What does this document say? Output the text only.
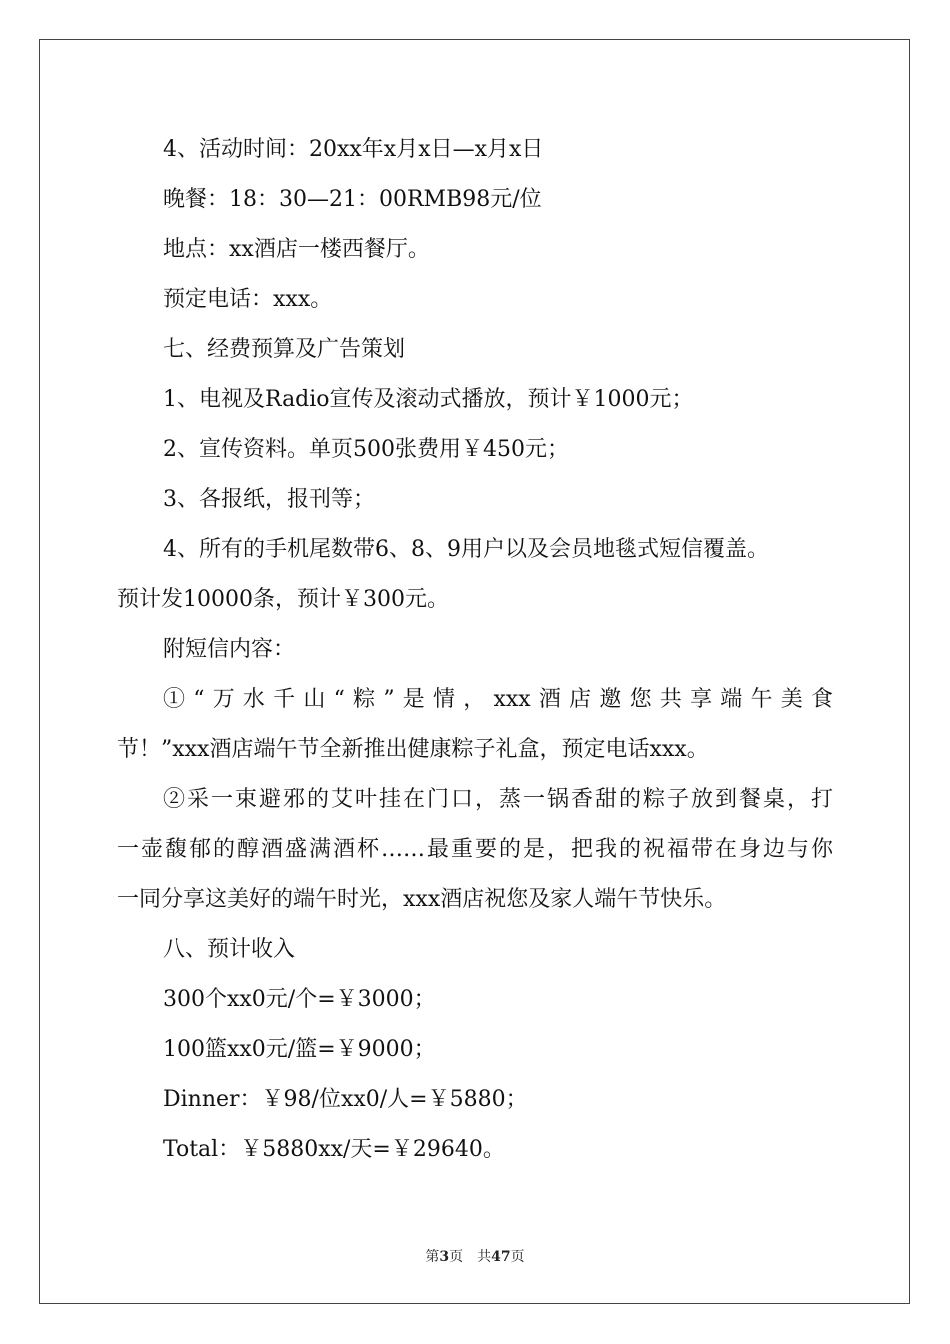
4、活动时间：20xx年x月x日—x月x日
晚餐：18：30—21：00RMB98元/位
地点：xx酒店一楼西餐厅。
预定电话：xxx。
七、经费预算及广告策划
1、电视及Radio宣传及滚动式播放，预计￥1000元；
2、宣传资料。单页500张费用￥450元；
3、各报纸，报刊等；
4、所有的手机尾数带6、8、9用户以及会员地毯式短信覆盖。
预计发10000条，预计￥300元。
附短信内容：
①“万水千山“粽”是情，xxx酒店邀您共享端午美食
节！”xxx酒店端午节全新推出健康粽子礼盒，预定电话xxx。
②采一束避邪的艾叶挂在门口，蒸一锅香甜的粽子放到餐桌，打
一壶馥郁的醇酒盛满酒杯……最重要的是，把我的祝福带在身边与你
一同分享这美好的端午时光，xxx酒店祝您及家人端午节快乐。
八、预计收入
300个xx0元/个=￥3000；
100篮xx0元/篮=￥9000；
Dinner：￥98/位xx0/人=￥5880；
Total：￥5880xx/天=￥29640。
第3页　共47页
